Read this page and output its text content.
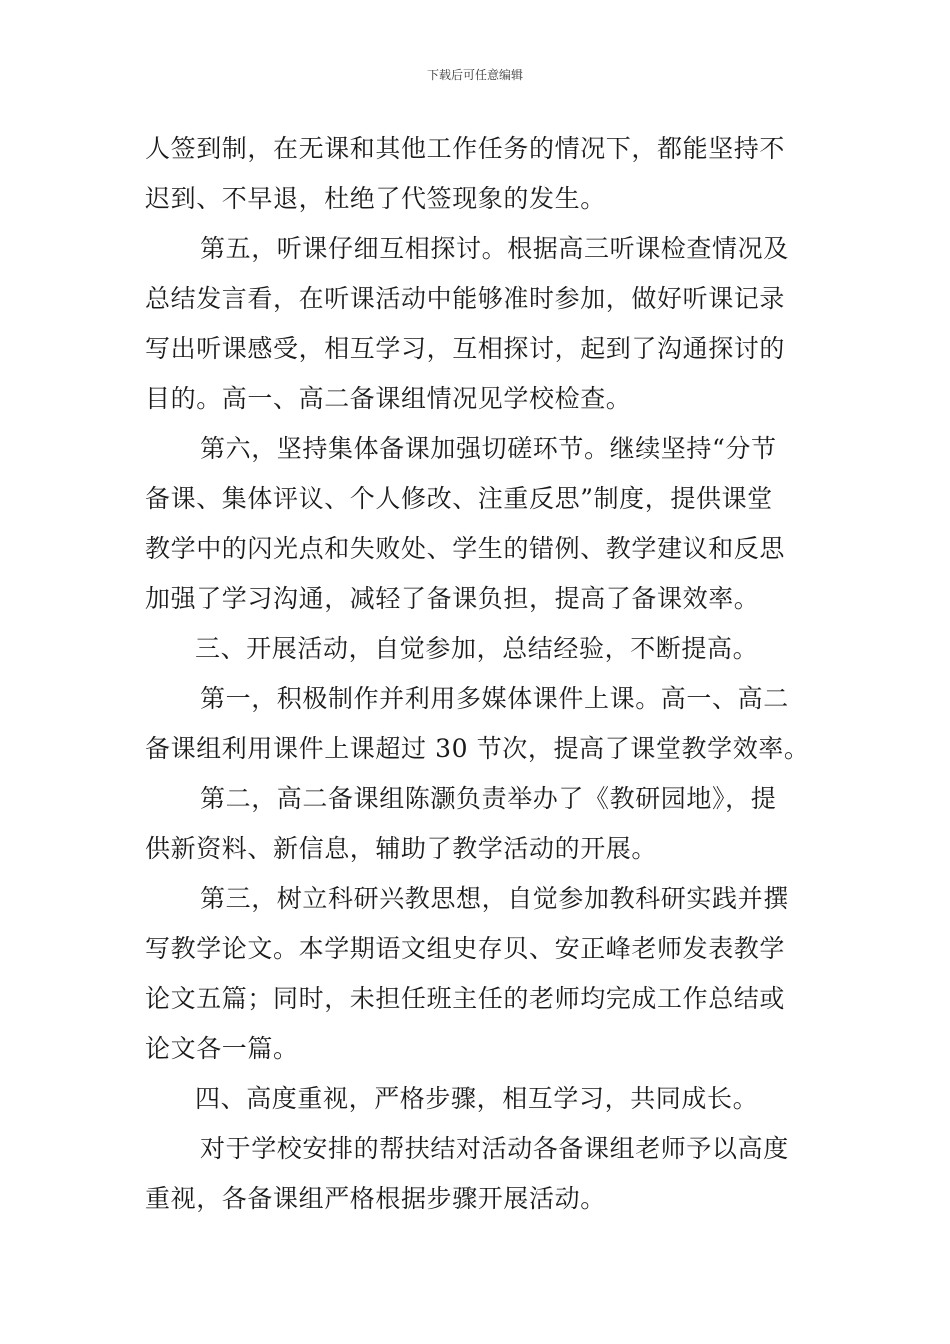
下载后可任意编辑
人签到制，在无课和其他工作任务的情况下，都能坚持不
迟到、不早退，杜绝了代签现象的发生。
第五，听课仔细互相探讨。根据高三听课检查情况及
总结发言看，在听课活动中能够准时参加，做好听课记录
写出听课感受，相互学习，互相探讨，起到了沟通探讨的
目的。高一、高二备课组情况见学校检查。
第六，坚持集体备课加强切磋环节。继续坚持“分节
备课、集体评议、个人修改、注重反思”制度，提供课堂
教学中的闪光点和失败处、学生的错例、教学建议和反思
加强了学习沟通，减轻了备课负担，提高了备课效率。
三、开展活动，自觉参加，总结经验，不断提高。
第一，积极制作并利用多媒体课件上课。高一、高二
备课组利用课件上课超过 30 节次，提高了课堂教学效率。
第二，高二备课组陈灏负责举办了《教研园地》，提
供新资料、新信息，辅助了教学活动的开展。
第三，树立科研兴教思想，自觉参加教科研实践并撰
写教学论文。本学期语文组史存贝、安正峰老师发表教学
论文五篇；同时，未担任班主任的老师均完成工作总结或
论文各一篇。
四、高度重视，严格步骤，相互学习，共同成长。
对于学校安排的帮扶结对活动各备课组老师予以高度
重视，各备课组严格根据步骤开展活动。
